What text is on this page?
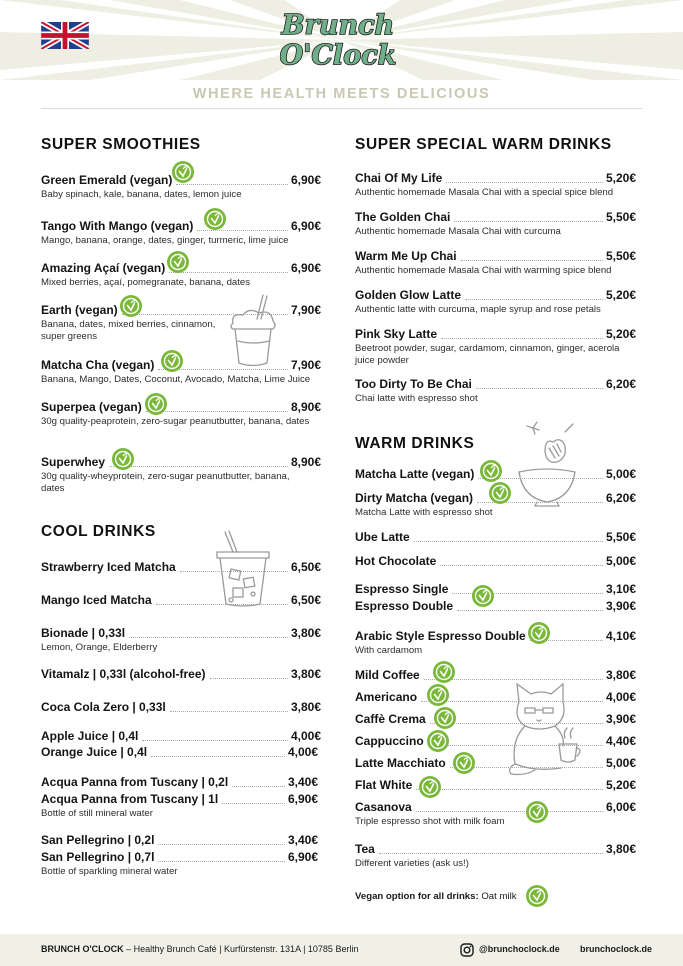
Brunch
O'Clock
WHERE HEALTH MEETS DELICIOUS
SUPER SMOOTHIES
Green Emerald (vegan)	6,90€
Baby spinach, kale, banana, dates, lemon juice
Tango With Mango (vegan)	6,90€
Mango, banana, orange, dates, ginger, turmeric, lime juice
Amazing Açaí (vegan)	6,90€
Mixed berries, açaí, pomegranate, banana, dates
Earth (vegan)	7,90€
Banana, dates, mixed berries, cinnamon, super greens
Matcha Cha (vegan)	7,90€
Banana, Mango, Dates, Coconut, Avocado, Matcha, Lime Juice
Superpea (vegan)	8,90€
30g quality-peaprotein, zero-sugar peanutbutter, banana, dates
Superwhey	8,90€
30g quality-wheyprotein, zero-sugar peanutbutter, banana, dates
COOL DRINKS
Strawberry Iced Matcha	6,50€
Mango Iced Matcha	6,50€
Bionade | 0,33l	3,80€
Lemon, Orange, Elderberry
Vitamalz | 0,33l (alcohol-free)	3,80€
Coca Cola Zero | 0,33l	3,80€
Apple Juice | 0,4l	4,00€
Orange Juice | 0,4l	4,00€
Acqua Panna from Tuscany | 0,2l	3,40€
Acqua Panna from Tuscany | 1l	6,90€
Bottle of still mineral water
San Pellegrino | 0,2l	3,40€
San Pellegrino | 0,7l	6,90€
Bottle of sparkling mineral water
SUPER SPECIAL WARM DRINKS
Chai Of My Life	5,20€
Authentic homemade Masala Chai with a special spice blend
The Golden Chai	5,50€
Authentic homemade Masala Chai with curcuma
Warm Me Up Chai	5,50€
Authentic homemade Masala Chai with warming spice blend
Golden Glow Latte	5,20€
Authentic latte with curcuma, maple syrup and rose petals
Pink Sky Latte	5,20€
Beetroot powder, sugar, cardamom, cinnamon, ginger, acerola juice powder
Too Dirty To Be Chai	6,20€
Chai latte with espresso shot
WARM DRINKS
Matcha Latte (vegan)	5,00€
Dirty Matcha (vegan)	6,20€
Matcha Latte with espresso shot
Ube Latte	5,50€
Hot Chocolate	5,00€
Espresso Single	3,10€
Espresso Double	3,90€
Arabic Style Espresso Double	4,10€
With cardamom
Mild Coffee	3,80€
Americano	4,00€
Caffè Crema	3,90€
Cappuccino	4,40€
Latte Macchiato	5,00€
Flat White	5,20€
Casanova	6,00€
Triple espresso shot with milk foam
Tea	3,80€
Different varieties (ask us!)
Vegan option for all drinks: Oat milk
BRUNCH O'CLOCK – Healthy Brunch Café | Kurfürstenstr. 131A | 10785 Berlin	@brunchoclock.de brunchoclock.de
